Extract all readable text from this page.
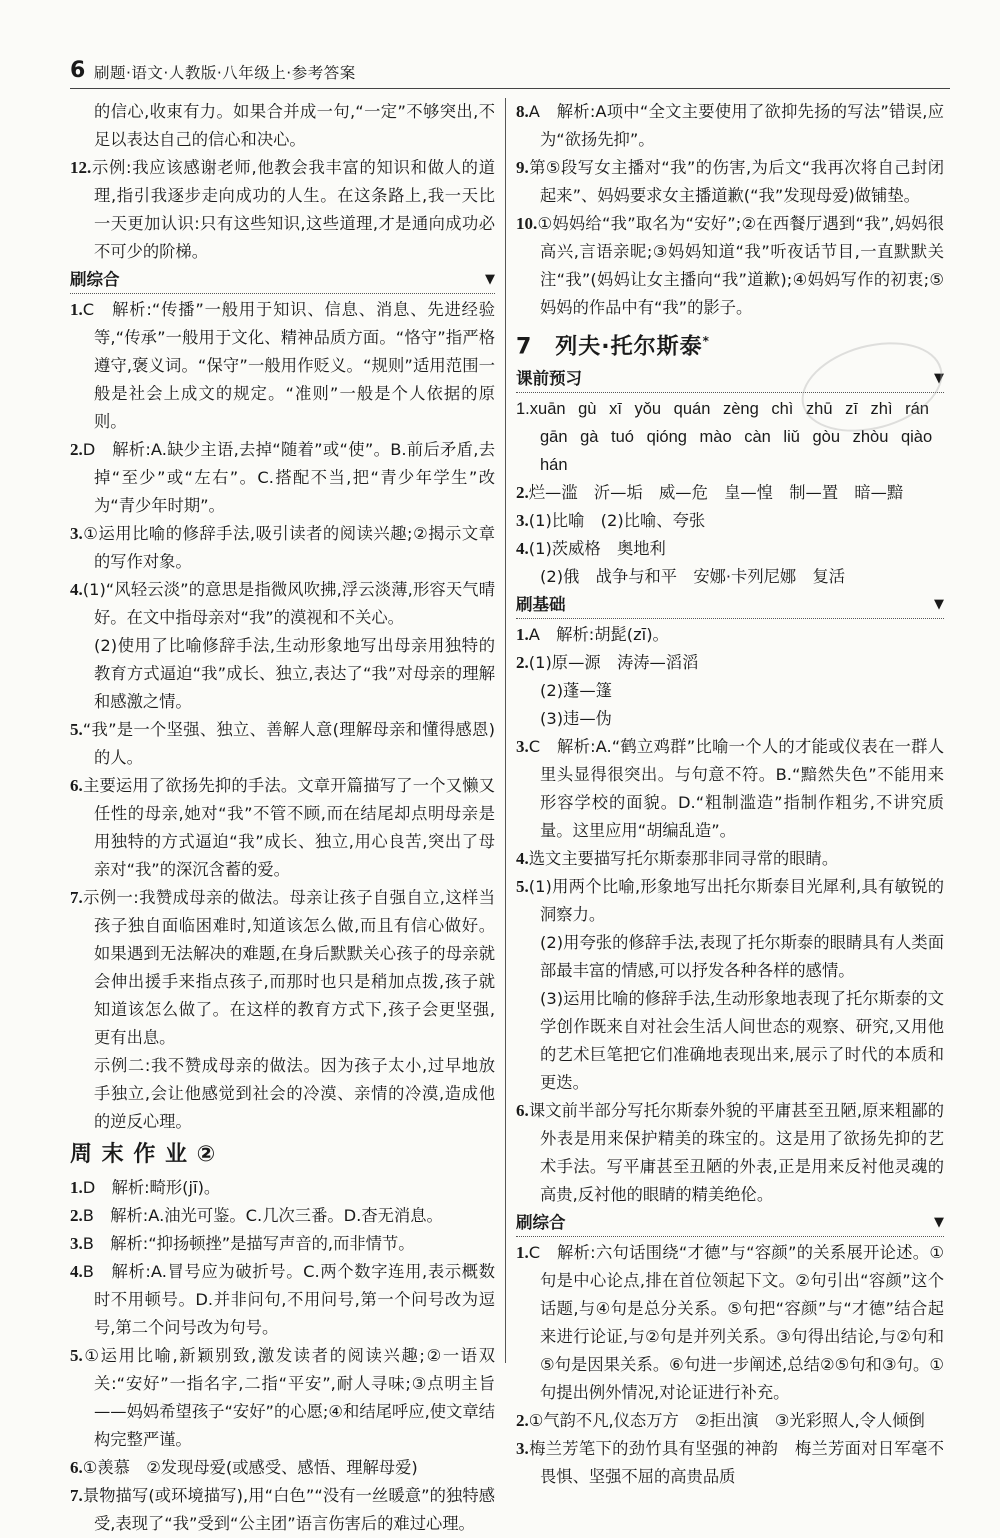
6 刷题·语文·人教版·八年级上·参考答案

的信心,收束有力。如果合并成一句,“一定”不够突出,不足以表达自己的信心和决心。

12.示例:我应该感谢老师,他教会我丰富的知识和做人的道理,指引我逐步走向成功的人生。在这条路上,我一天比一天更加认识:只有这些知识,这些道理,才是通向成功必不可少的阶梯。

刷综合	▼

1.C　解析:“传播”一般用于知识、信息、消息、先进经验等,“传承”一般用于文化、精神品质方面。“恪守”指严格遵守,褒义词。“保守”一般用作贬义。“规则”适用范围一般是社会上成文的规定。“准则”一般是个人依据的原则。

2.D　解析:A.缺少主语,去掉“随着”或“使”。B.前后矛盾,去掉“至少”或“左右”。C.搭配不当,把“青少年学生”改为“青少年时期”。

3.①运用比喻的修辞手法,吸引读者的阅读兴趣;②揭示文章的写作对象。

4.(1)“风轻云淡”的意思是指微风吹拂,浮云淡薄,形容天气晴好。在文中指母亲对“我”的漠视和不关心。

(2)使用了比喻修辞手法,生动形象地写出母亲用独特的教育方式逼迫“我”成长、独立,表达了“我”对母亲的理解和感激之情。

5.“我”是一个坚强、独立、善解人意(理解母亲和懂得感恩)的人。

6.主要运用了欲扬先抑的手法。文章开篇描写了一个又懒又任性的母亲,她对“我”不管不顾,而在结尾却点明母亲是用独特的方式逼迫“我”成长、独立,用心良苦,突出了母亲对“我”的深沉含蓄的爱。

7.示例一:我赞成母亲的做法。母亲让孩子自强自立,这样当孩子独自面临困难时,知道该怎么做,而且有信心做好。如果遇到无法解决的难题,在身后默默关心孩子的母亲就会伸出援手来指点孩子,而那时也只是稍加点拨,孩子就知道该怎么做了。在这样的教育方式下,孩子会更坚强,更有出息。

示例二:我不赞成母亲的做法。因为孩子太小,过早地放手独立,会让他感觉到社会的冷漠、亲情的冷漠,造成他的逆反心理。

周 末 作 业 ②

1.D　解析:畸形(jī)。

2.B　解析:A.油光可鉴。C.几次三番。D.杳无消息。

3.B　解析:“抑扬顿挫”是描写声音的,而非情节。

4.B　解析:A.冒号应为破折号。C.两个数字连用,表示概数时不用顿号。D.并非问句,不用问号,第一个问号改为逗号,第二个问号改为句号。

5.①运用比喻,新颖别致,激发读者的阅读兴趣;②一语双关:“安好”一指名字,二指“平安”,耐人寻味;③点明主旨——妈妈希望孩子“安好”的心愿;④和结尾呼应,使文章结构完整严谨。

6.①羡慕　②发现母爱(或感受、感悟、理解母爱)

7.景物描写(或环境描写),用“白色”“没有一丝暖意”的独特感受,表现了“我”受到“公主团”语言伤害后的难过心理。

8.A　解析:A项中“全文主要使用了欲抑先扬的写法”错误,应为“欲扬先抑”。

9.第⑤段写女主播对“我”的伤害,为后文“我再次将自己封闭起来”、妈妈要求女主播道歉(“我”发现母爱)做铺垫。

10.①妈妈给“我”取名为“安好”;②在西餐厅遇到“我”,妈妈很高兴,言语亲昵;③妈妈知道“我”听夜话节目,一直默默关注“我”(妈妈让女主播向“我”道歉);④妈妈写作的初衷;⑤妈妈的作品中有“我”的影子。

7　列夫·托尔斯泰*
课前预习	▼

1.xuān gù xī yǒu quán zèng chì zhū zī zhì rán gān gà tuó qióng mào càn liǔ gòu zhòu qiào hán

2.烂—滥　沂—垢　威—危　皇—惶　制—置　暗—黯

3.(1)比喻　(2)比喻、夸张

4.(1)茨威格　奥地利

(2)俄　战争与和平　安娜·卡列尼娜　复活

刷基础	▼

1.A　解析:胡髭(zī)。

2.(1)原—源　涛涛—滔滔

(2)蓬—篷

(3)违—伪

3.C　解析:A.“鹤立鸡群”比喻一个人的才能或仪表在一群人里头显得很突出。与句意不符。B.“黯然失色”不能用来形容学校的面貌。D.“粗制滥造”指制作粗劣,不讲究质量。这里应用“胡编乱造”。

4.选文主要描写托尔斯泰那非同寻常的眼睛。

5.(1)用两个比喻,形象地写出托尔斯泰目光犀利,具有敏锐的洞察力。

(2)用夸张的修辞手法,表现了托尔斯泰的眼睛具有人类面部最丰富的情感,可以抒发各种各样的感情。

(3)运用比喻的修辞手法,生动形象地表现了托尔斯泰的文学创作既来自对社会生活人间世态的观察、研究,又用他的艺术巨笔把它们准确地表现出来,展示了时代的本质和更迭。

6.课文前半部分写托尔斯泰外貌的平庸甚至丑陋,原来粗鄙的外表是用来保护精美的珠宝的。这是用了欲扬先抑的艺术手法。写平庸甚至丑陋的外表,正是用来反衬他灵魂的高贵,反衬他的眼睛的精美绝伦。

刷综合	▼

1.C　解析:六句话围绕“才德”与“容颜”的关系展开论述。①句是中心论点,排在首位领起下文。②句引出“容颜”这个话题,与④句是总分关系。⑤句把“容颜”与“才德”结合起来进行论证,与②句是并列关系。③句得出结论,与②句和⑤句是因果关系。⑥句进一步阐述,总结②⑤句和③句。①句提出例外情况,对论证进行补充。

2.①气韵不凡,仪态万方　②拒出演　③光彩照人,令人倾倒

3.梅兰芳笔下的劲竹具有坚强的神韵　梅兰芳面对日军毫不畏惧、坚强不屈的高贵品质
